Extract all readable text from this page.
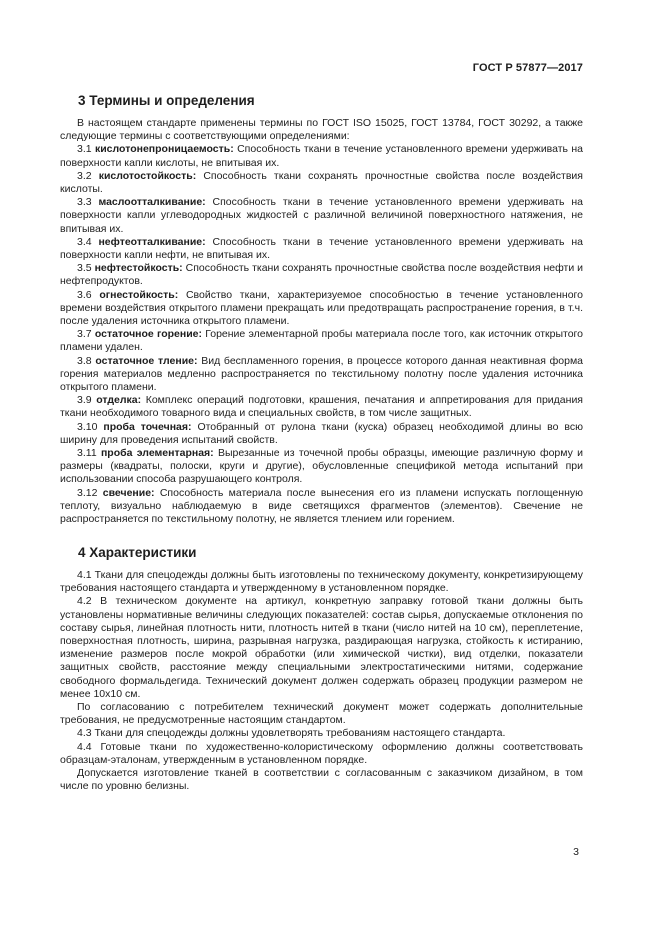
ГОСТ Р 57877—2017
3 Термины и определения

В настоящем стандарте применены термины по ГОСТ ISO 15025, ГОСТ 13784, ГОСТ 30292, а также следующие термины с соответствующими определениями:

3.1 кислотонепроницаемость: Способность ткани в течение установленного времени удерживать на поверхности капли кислоты, не впитывая их.

3.2 кислотостойкость: Способность ткани сохранять прочностные свойства после воздействия кислоты.

3.3 маслоотталкивание: Способность ткани в течение установленного времени удерживать на поверхности капли углеводородных жидкостей с различной величиной поверхностного натяжения, не впитывая их.

3.4 нефтеотталкивание: Способность ткани в течение установленного времени удерживать на поверхности капли нефти, не впитывая их.

3.5 нефтестойкость: Способность ткани сохранять прочностные свойства после воздействия нефти и нефтепродуктов.

3.6 огнестойкость: Свойство ткани, характеризуемое способностью в течение установленного времени воздействия открытого пламени прекращать или предотвращать распространение горения, в т.ч. после удаления источника открытого пламени.

3.7 остаточное горение: Горение элементарной пробы материала после того, как источник открытого пламени удален.

3.8 остаточное тление: Вид беспламенного горения, в процессе которого данная неактивная форма горения материалов медленно распространяется по текстильному полотну после удаления источника открытого пламени.

3.9 отделка: Комплекс операций подготовки, крашения, печатания и аппретирования для придания ткани необходимого товарного вида и специальных свойств, в том числе защитных.

3.10 проба точечная: Отобранный от рулона ткани (куска) образец необходимой длины во всю ширину для проведения испытаний свойств.

3.11 проба элементарная: Вырезанные из точечной пробы образцы, имеющие различную форму и размеры (квадраты, полоски, круги и другие), обусловленные спецификой метода испытаний при использовании способа разрушающего контроля.

3.12 свечение: Способность материала после вынесения его из пламени испускать поглощенную теплоту, визуально наблюдаемую в виде светящихся фрагментов (элементов). Свечение не распространяется по текстильному полотну, не является тлением или горением.

4 Характеристики

4.1 Ткани для спецодежды должны быть изготовлены по техническому документу, конкретизирующему требования настоящего стандарта и утвержденному в установленном порядке.

4.2 В техническом документе на артикул, конкретную заправку готовой ткани должны быть установлены нормативные величины следующих показателей: состав сырья, допускаемые отклонения по составу сырья, линейная плотность нити, плотность нитей в ткани (число нитей на 10 см), переплетение, поверхностная плотность, ширина, разрывная нагрузка, раздирающая нагрузка, стойкость к истиранию, изменение размеров после мокрой обработки (или химической чистки), вид отделки, показатели защитных свойств, расстояние между специальными электростатическими нитями, содержание свободного формальдегида. Технический документ должен содержать образец продукции размером не менее 10х10 см.

По согласованию с потребителем технический документ может содержать дополнительные требования, не предусмотренные настоящим стандартом.

4.3 Ткани для спецодежды должны удовлетворять требованиям настоящего стандарта.

4.4 Готовые ткани по художественно-колористическому оформлению должны соответствовать образцам-эталонам, утвержденным в установленном порядке.

Допускается изготовление тканей в соответствии с согласованным с заказчиком дизайном, в том числе по уровню белизны.

3
